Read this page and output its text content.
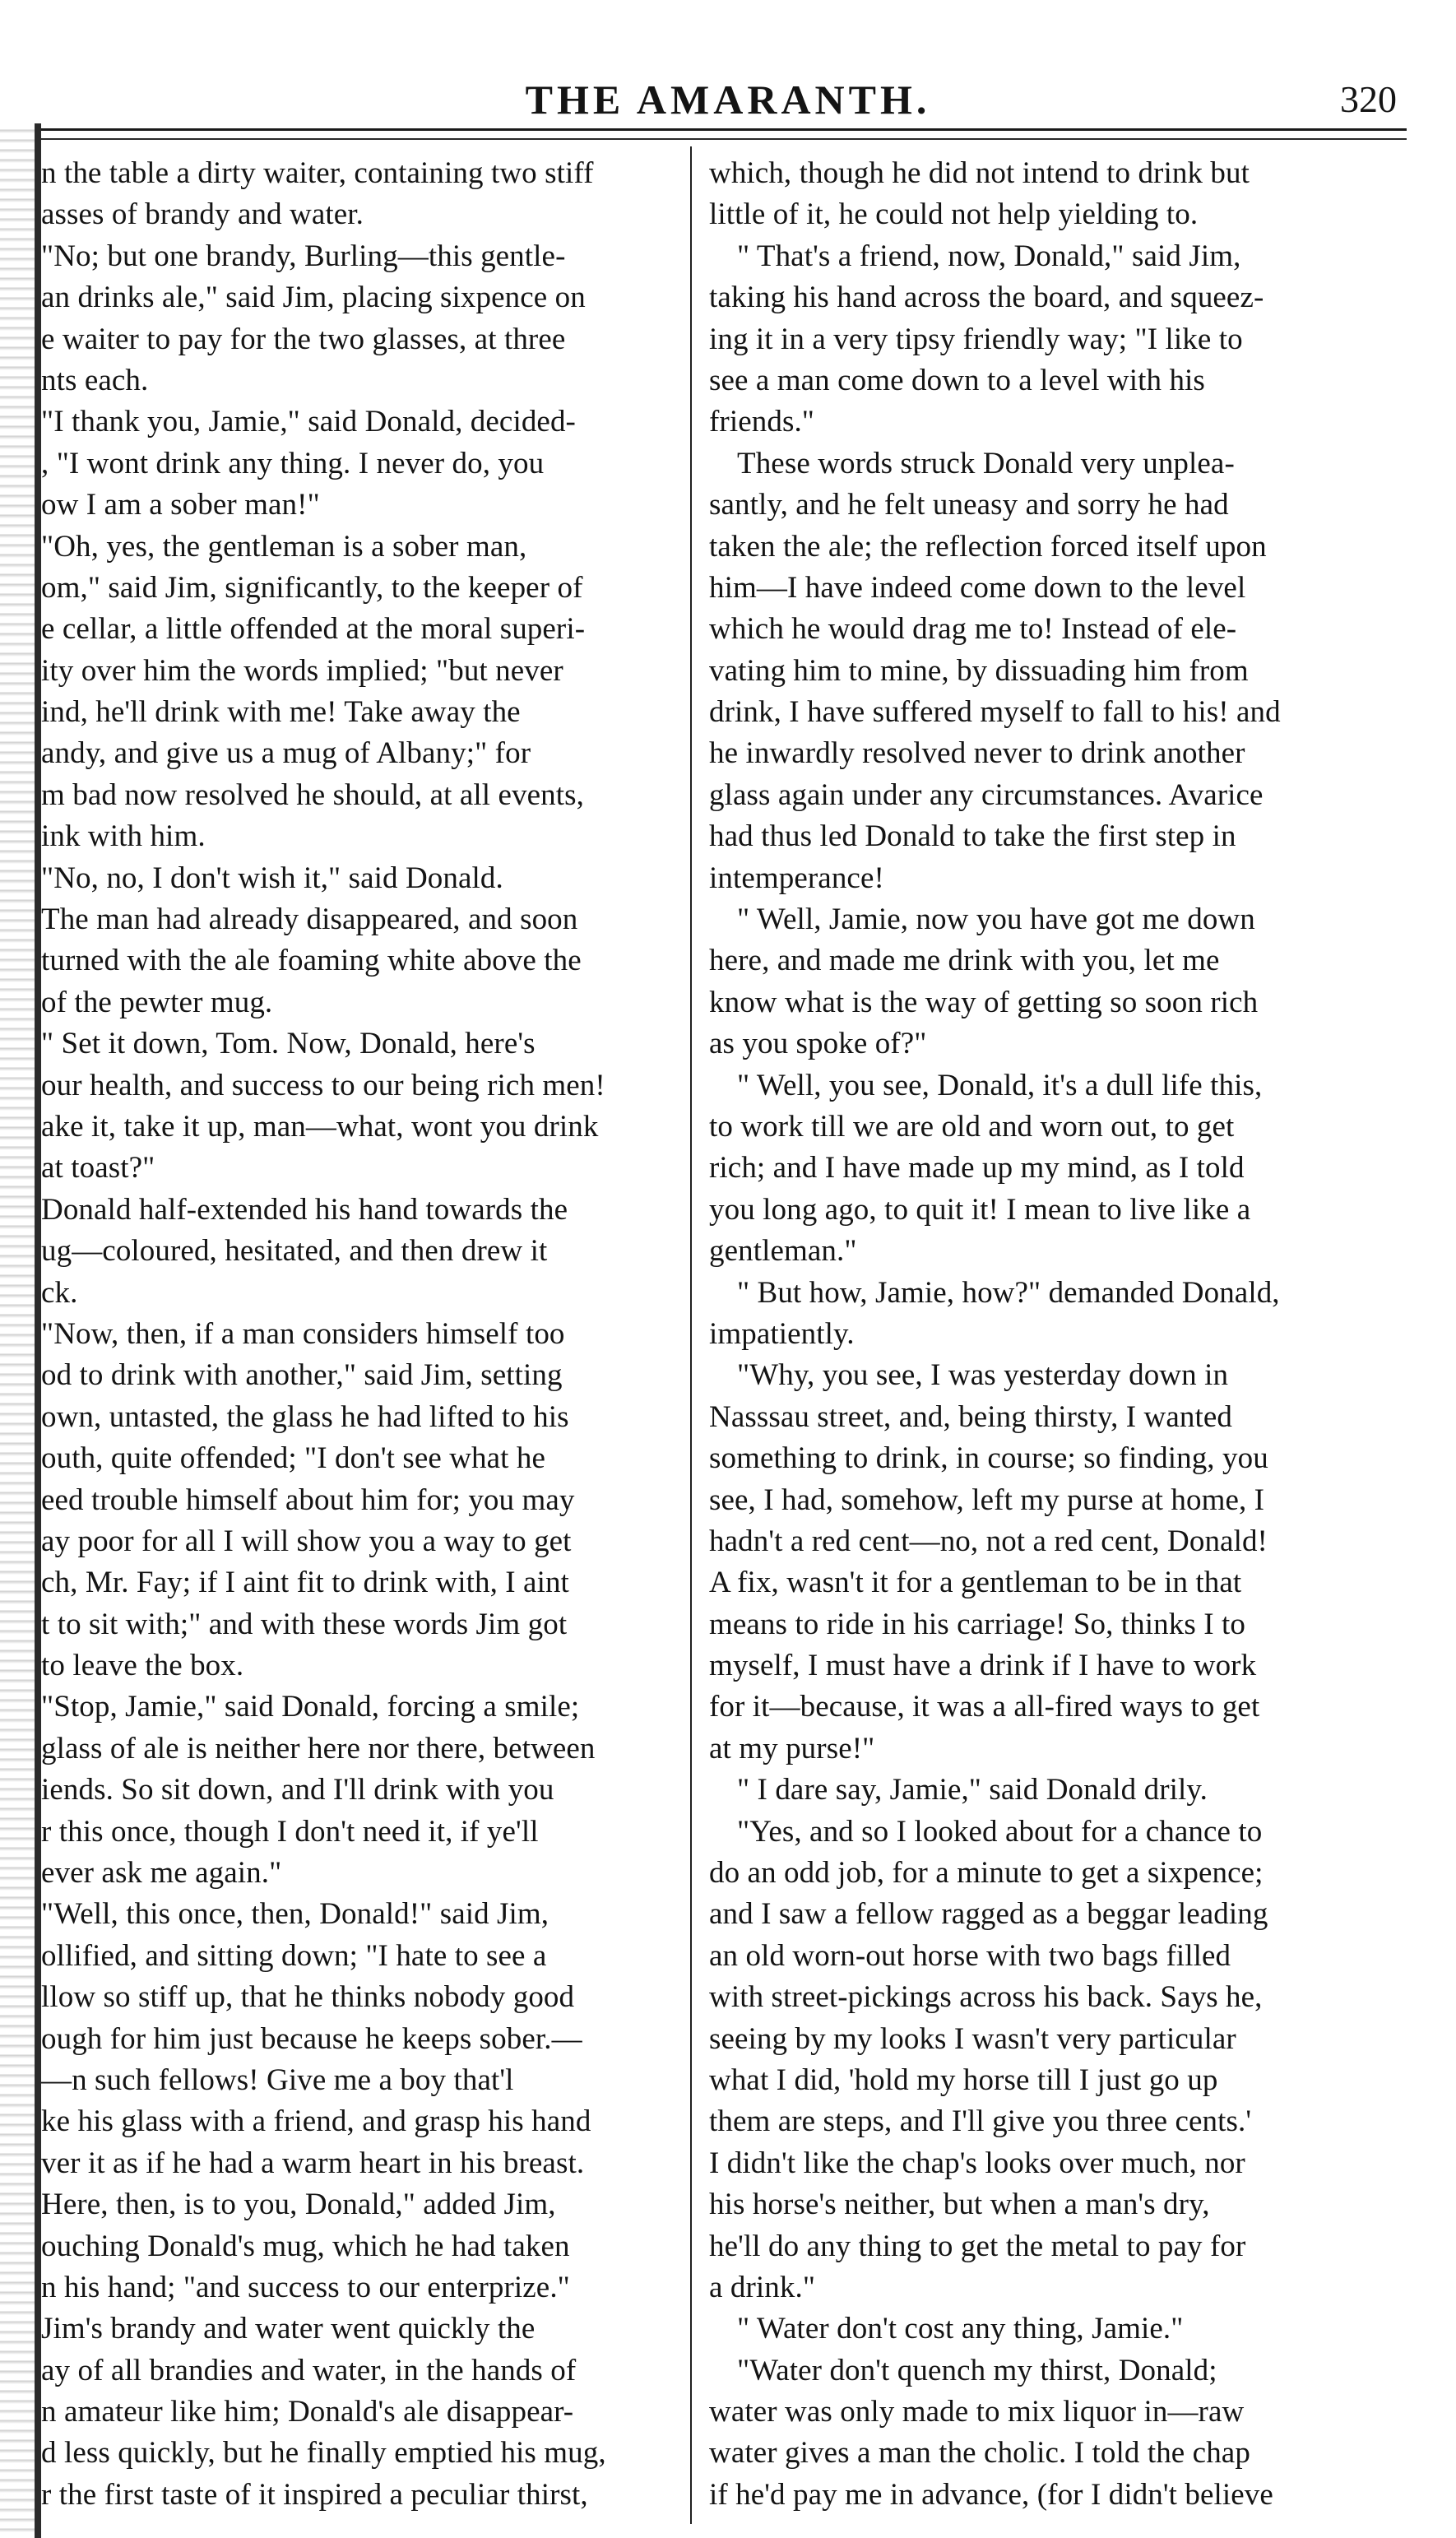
THE AMARANTH.	320
n the table a dirty waiter, containing two stiff
asses of brandy and water.
"No; but one brandy, Burling—this gentle-
an drinks ale," said Jim, placing sixpence on
e waiter to pay for the two glasses, at three
nts each.
"I thank you, Jamie," said Donald, decided-
, "I wont drink any thing. I never do, you
ow I am a sober man!"
"Oh, yes, the gentleman is a sober man,
om," said Jim, significantly, to the keeper of
e cellar, a little offended at the moral superi-
ity over him the words implied; "but never
ind, he'll drink with me! Take away the
andy, and give us a mug of Albany;" for
m bad now resolved he should, at all events,
ink with him.
"No, no, I don't wish it," said Donald.
The man had already disappeared, and soon
turned with the ale foaming white above the
of the pewter mug.
" Set it down, Tom. Now, Donald, here's
our health, and success to our being rich men!
ake it, take it up, man—what, wont you drink
at toast?"
Donald half-extended his hand towards the
ug—coloured, hesitated, and then drew it
ck.
"Now, then, if a man considers himself too
od to drink with another," said Jim, setting
own, untasted, the glass he had lifted to his
outh, quite offended; "I don't see what he
eed trouble himself about him for; you may
ay poor for all I will show you a way to get
ch, Mr. Fay; if I aint fit to drink with, I aint
t to sit with;" and with these words Jim got
to leave the box.
"Stop, Jamie," said Donald, forcing a smile;
glass of ale is neither here nor there, between
iends. So sit down, and I'll drink with you
r this once, though I don't need it, if ye'll
ever ask me again."
"Well, this once, then, Donald!" said Jim,
ollified, and sitting down; "I hate to see a
llow so stiff up, that he thinks nobody good
ough for him just because he keeps sober.—
—n such fellows! Give me a boy that'l
ke his glass with a friend, and grasp his hand
ver it as if he had a warm heart in his breast.
Here, then, is to you, Donald," added Jim,
ouching Donald's mug, which he had taken
n his hand; "and success to our enterprize."
Jim's brandy and water went quickly the
ay of all brandies and water, in the hands of
n amateur like him; Donald's ale disappear-
d less quickly, but he finally emptied his mug,
r the first taste of it inspired a peculiar thirst,
which, though he did not intend to drink but
little of it, he could not help yielding to.
" That's a friend, now, Donald," said Jim,
taking his hand across the board, and squeez-
ing it in a very tipsy friendly way; "I like to
see a man come down to a level with his
friends."
These words struck Donald very unplea-
santly, and he felt uneasy and sorry he had
taken the ale; the reflection forced itself upon
him—I have indeed come down to the level
which he would drag me to! Instead of ele-
vating him to mine, by dissuading him from
drink, I have suffered myself to fall to his! and
he inwardly resolved never to drink another
glass again under any circumstances. Avarice
had thus led Donald to take the first step in
intemperance!
" Well, Jamie, now you have got me down
here, and made me drink with you, let me
know what is the way of getting so soon rich
as you spoke of?"
" Well, you see, Donald, it's a dull life this,
to work till we are old and worn out, to get
rich; and I have made up my mind, as I told
you long ago, to quit it! I mean to live like a
gentleman."
" But how, Jamie, how?" demanded Donald,
impatiently.
"Why, you see, I was yesterday down in
Nasssau street, and, being thirsty, I wanted
something to drink, in course; so finding, you
see, I had, somehow, left my purse at home, I
hadn't a red cent—no, not a red cent, Donald!
A fix, wasn't it for a gentleman to be in that
means to ride in his carriage! So, thinks I to
myself, I must have a drink if I have to work
for it—because, it was a all-fired ways to get
at my purse!"
" I dare say, Jamie," said Donald drily.
"Yes, and so I looked about for a chance to
do an odd job, for a minute to get a sixpence;
and I saw a fellow ragged as a beggar leading
an old worn-out horse with two bags filled
with street-pickings across his back. Says he,
seeing by my looks I wasn't very particular
what I did, 'hold my horse till I just go up
them are steps, and I'll give you three cents.'
I didn't like the chap's looks over much, nor
his horse's neither, but when a man's dry,
he'll do any thing to get the metal to pay for
a drink."
" Water don't cost any thing, Jamie."
"Water don't quench my thirst, Donald;
water was only made to mix liquor in—raw
water gives a man the cholic. I told the chap
if he'd pay me in advance, (for I didn't believe
